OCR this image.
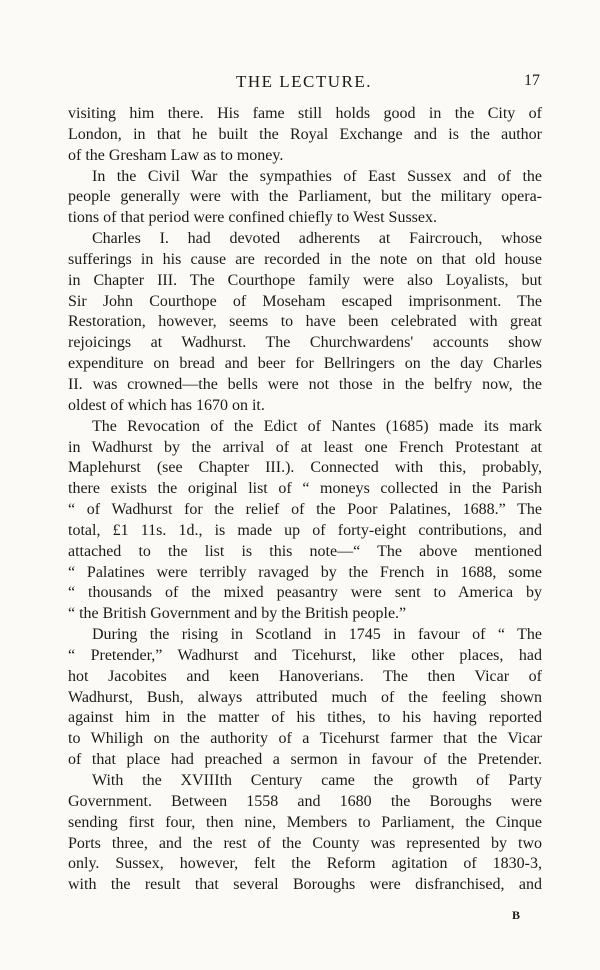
THE LECTURE.	17
visiting him there. His fame still holds good in the City of
London, in that he built the Royal Exchange and is the author
of the Gresham Law as to money.
In the Civil War the sympathies of East Sussex and of the
people generally were with the Parliament, but the military opera-
tions of that period were confined chiefly to West Sussex.
Charles I. had devoted adherents at Faircrouch, whose
sufferings in his cause are recorded in the note on that old house
in Chapter III. The Courthope family were also Loyalists, but
Sir John Courthope of Moseham escaped imprisonment. The
Restoration, however, seems to have been celebrated with great
rejoicings at Wadhurst. The Churchwardens' accounts show
expenditure on bread and beer for Bellringers on the day Charles
II. was crowned—the bells were not those in the belfry now, the
oldest of which has 1670 on it.
The Revocation of the Edict of Nantes (1685) made its mark
in Wadhurst by the arrival of at least one French Protestant at
Maplehurst (see Chapter III.). Connected with this, probably,
there exists the original list of “ moneys collected in the Parish
“ of Wadhurst for the relief of the Poor Palatines, 1688.” The
total, £1 11s. 1d., is made up of forty-eight contributions, and
attached to the list is this note—“ The above mentioned
“ Palatines were terribly ravaged by the French in 1688, some
“ thousands of the mixed peasantry were sent to America by
“ the British Government and by the British people.”
During the rising in Scotland in 1745 in favour of “ The
“ Pretender,” Wadhurst and Ticehurst, like other places, had
hot Jacobites and keen Hanoverians. The then Vicar of
Wadhurst, Bush, always attributed much of the feeling shown
against him in the matter of his tithes, to his having reported
to Whiligh on the authority of a Ticehurst farmer that the Vicar
of that place had preached a sermon in favour of the Pretender.
With the XVIIIth Century came the growth of Party
Government. Between 1558 and 1680 the Boroughs were
sending first four, then nine, Members to Parliament, the Cinque
Ports three, and the rest of the County was represented by two
only. Sussex, however, felt the Reform agitation of 1830-3,
with the result that several Boroughs were disfranchised, and
B
